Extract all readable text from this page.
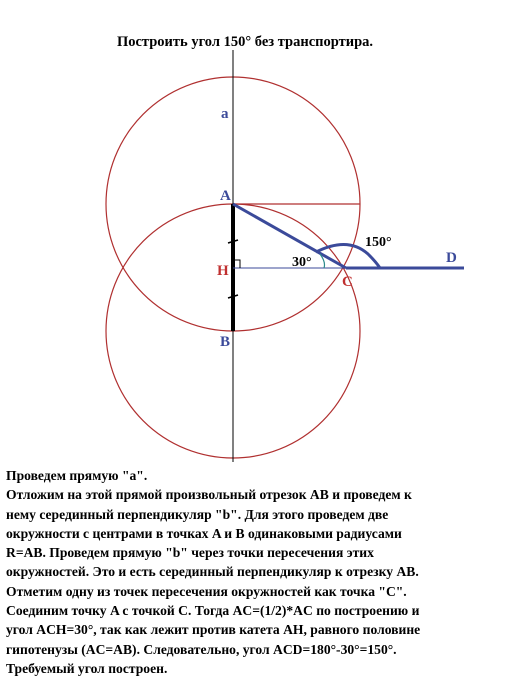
Построить угол 150° без транспортира.
a
A
H
B
C
D
30°
150°
Проведем прямую "a".
Отложим на этой прямой произвольный отрезок AB и проведем к
нему серединный перпендикуляр "b". Для этого проведем две
окружности с центрами в точках A и B одинаковыми радиусами
R=AB. Проведем прямую "b" через точки пересечения этих
окружностей. Это и есть серединный перпендикуляр к отрезку AB.
Отметим одну из точек пересечения окружностей как точка "C".
Соединим точку A с точкой C. Тогда AC=(1/2)*AC по построению и
угол ACH=30°, так как лежит против катета AH, равного половине
гипотенузы (AC=AB). Следовательно, угол ACD=180°-30°=150°.
Требуемый угол построен.
